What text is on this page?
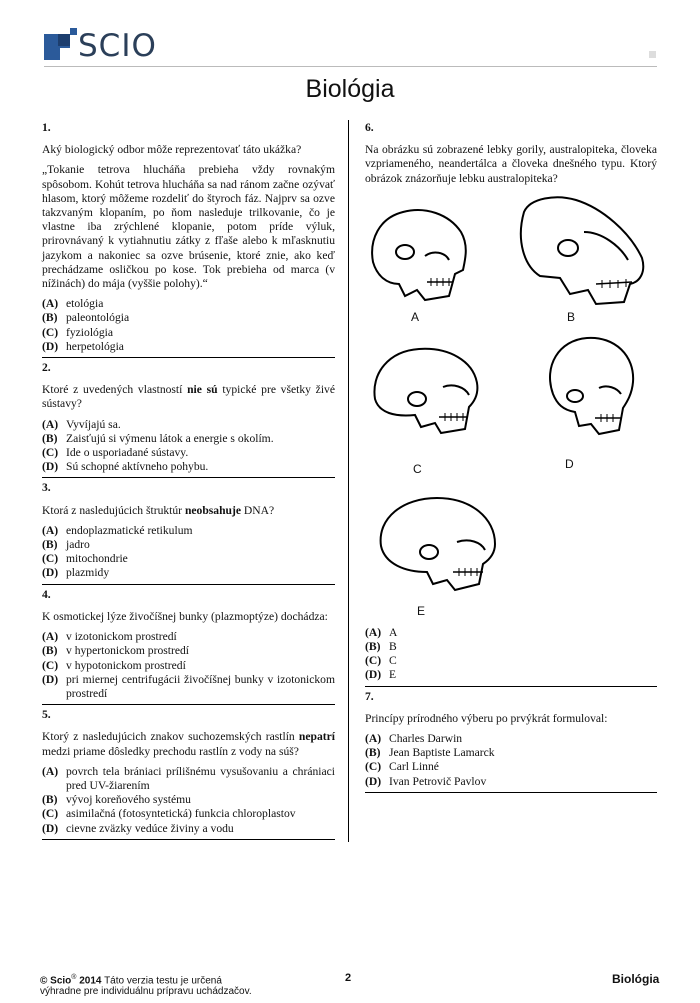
SCIO
Biológia
1.
Aký biologický odbor môže reprezentovať táto ukážka?
„Tokanie tetrova hlucháňa prebieha vždy rovnakým spôsobom. Kohút tetrova hlucháňa sa nad ránom začne ozývať hlasom, ktorý môžeme rozdeliť do štyroch fáz. Najprv sa ozve takzvaným klopaním, po ňom nasleduje trilkovanie, čo je vlastne iba zrýchlené klopanie, potom príde výluk, prirovnávaný k vytiahnutiu zátky z fľaše alebo k mľasknutiu jazykom a nakoniec sa ozve brúsenie, ktoré znie, ako keď prechádzame osličkou po kose. Tok prebieha od marca (v nížinách) do mája (vyššie polohy).“
(A) etológia
(B) paleontológia
(C) fyziológia
(D) herpetológia
2.
Ktoré z uvedených vlastností nie sú typické pre všetky živé sústavy?
(A) Vyvíjajú sa.
(B) Zaisťujú si výmenu látok a energie s okolím.
(C) Ide o usporiadané sústavy.
(D) Sú schopné aktívneho pohybu.
3.
Ktorá z nasledujúcich štruktúr neobsahuje DNA?
(A) endoplazmatické retikulum
(B) jadro
(C) mitochondrie
(D) plazmidy
4.
K osmotickej lýze živočíšnej bunky (plazmoptýze) dochádza:
(A) v izotonickom prostredí
(B) v hypertonickom prostredí
(C) v hypotonickom prostredí
(D) pri miernej centrifugácii živočíšnej bunky v izotonickom prostredí
5.
Ktorý z nasledujúcich znakov suchozemských rastlín nepatrí medzi priame dôsledky prechodu rastlín z vody na súš?
(A) povrch tela brániaci prílišnému vysušovaniu a chrániaci pred UV-žiarením
(B) vývoj koreňového systému
(C) asimilačná (fotosyntetická) funkcia chloroplastov
(D) cievne zväzky vedúce živiny a vodu
6.
Na obrázku sú zobrazené lebky gorily, australopiteka, človeka vzpriameného, neandertálca a človeka dnešného typu. Ktorý obrázok znázorňuje lebku australopiteka?
A	B
C	D
E
(A) A
(B) B
(C) C
(D) E
7.
Princípy prírodného výberu po prvýkrát formuloval:
(A) Charles Darwin
(B) Jean Baptiste Lamarck
(C) Carl Linné
(D) Ivan Petrovič Pavlov
© Scio® 2014 Táto verzia testu je určená
výhradne pre individuálnu prípravu uchádzačov.
2	Biológia
